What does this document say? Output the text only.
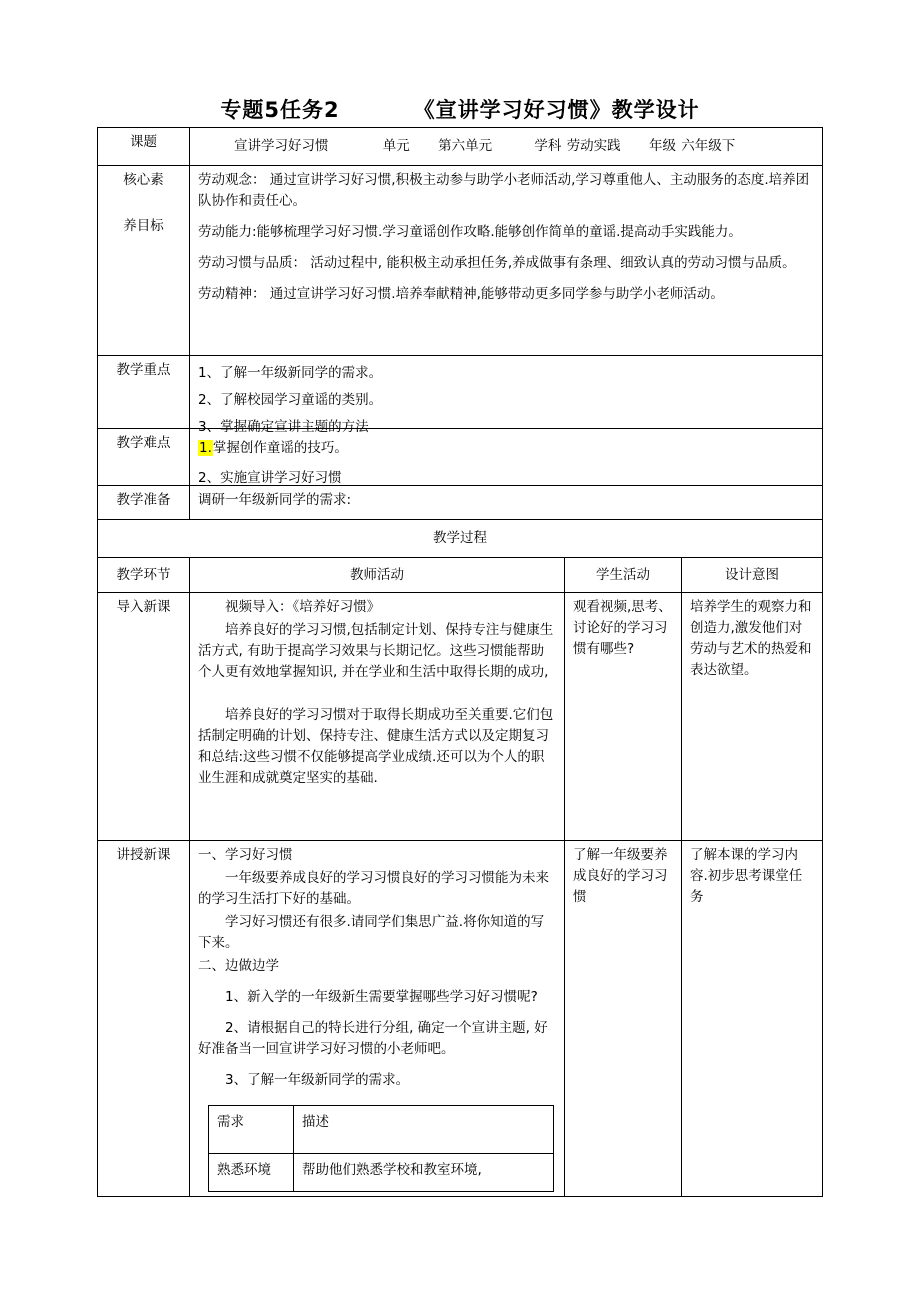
专题5任务2	《宣讲学习好习惯》教学设计
课题	宣讲学习好习惯	单元 第六单元	学科 劳动实践 年级 六年级下

核心素
养目标

劳动观念： 通过宣讲学习好习惯,积极主动参与助学小老师活动,学习尊重他人、主动服务的态度.培养团队协作和责任心。

劳动能力:能够梳理学习好习惯.学习童谣创作攻略.能够创作简单的童谣.提高动手实践能力。

劳动习惯与品质： 活动过程中, 能积极主动承担任务,养成做事有条理、细致认真的劳动习惯与品质。

劳动精神： 通过宣讲学习好习惯.培养奉献精神,能够带动更多同学参与助学小老师活动。

教学重点	1、了解一年级新同学的需求。

2、了解校园学习童谣的类别。

3、掌握确定宣讲主题的方法

教学难点	1.掌握创作童谣的技巧。

2、实施宣讲学习好习惯

教学准备	调研一年级新同学的需求:
教学过程
教学环节	教师活动	学生活动	设计意图
导入新课	视频导入：《培养好习惯》

培养良好的学习习惯,包括制定计划、保持专注与健康生活方式, 有助于提高学习效果与长期记忆。这些习惯能帮助个人更有效地掌握知识, 并在学业和生活中取得长期的成功,

培养良好的学习习惯对于取得长期成功至关重要.它们包括制定明确的计划、保持专注、健康生活方式以及定期复习和总结:这些习惯不仅能够提高学业成绩.还可以为个人的职业生涯和成就奠定坚实的基础.

	观看视频,思考、讨论好的学习习惯有哪些?	培养学生的观察力和创造力,激发他们对劳动与艺术的热爱和表达欲望。
讲授新课	一、学习好习惯

一年级要养成良好的学习习惯良好的学习习惯能为未来的学习生活打下好的基础。

学习好习惯还有很多.请同学们集思广益.将你知道的写下来。

二、边做边学

1、新入学的一年级新生需要掌握哪些学习好习惯呢?

2、请根据自己的特长进行分组, 确定一个宣讲主题, 好好准备当一回宣讲学习好习惯的小老师吧。

3、了解一年级新同学的需求。

需求	描述
熟悉环境	帮助他们熟悉学校和教室环境,
	了解一年级要养成良好的学习习惯	了解本课的学习内容.初步思考课堂任务
